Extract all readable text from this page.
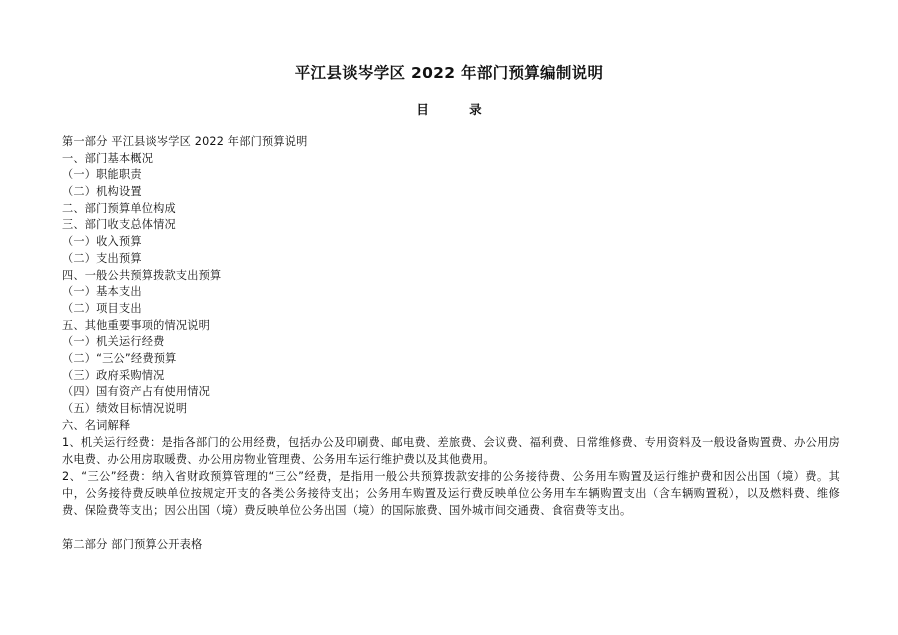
平江县谈岑学区 2022 年部门预算编制说明
目 录
第一部分 平江县谈岑学区 2022 年部门预算说明
一、部门基本概况
（一）职能职责
（二）机构设置
二、部门预算单位构成
三、部门收支总体情况
（一）收入预算
（二）支出预算
四、一般公共预算拨款支出预算
（一）基本支出
（二）项目支出
五、其他重要事项的情况说明
（一）机关运行经费
（二）“三公”经费预算
（三）政府采购情况
（四）国有资产占有使用情况
（五）绩效目标情况说明
六、名词解释

1、机关运行经费：是指各部门的公用经费，包括办公及印刷费、邮电费、差旅费、会议费、福利费、日常维修费、专用资料及一般设备购置费、办公用房水电费、办公用房取暖费、办公用房物业管理费、公务用车运行维护费以及其他费用。

2、“三公”经费：纳入省财政预算管理的“三公”经费，是指用一般公共预算拨款安排的公务接待费、公务用车购置及运行维护费和因公出国（境）费。其中，公务接待费反映单位按规定开支的各类公务接待支出；公务用车购置及运行费反映单位公务用车车辆购置支出（含车辆购置税），以及燃料费、维修费、保险费等支出；因公出国（境）费反映单位公务出国（境）的国际旅费、国外城市间交通费、食宿费等支出。

第二部分 部门预算公开表格
